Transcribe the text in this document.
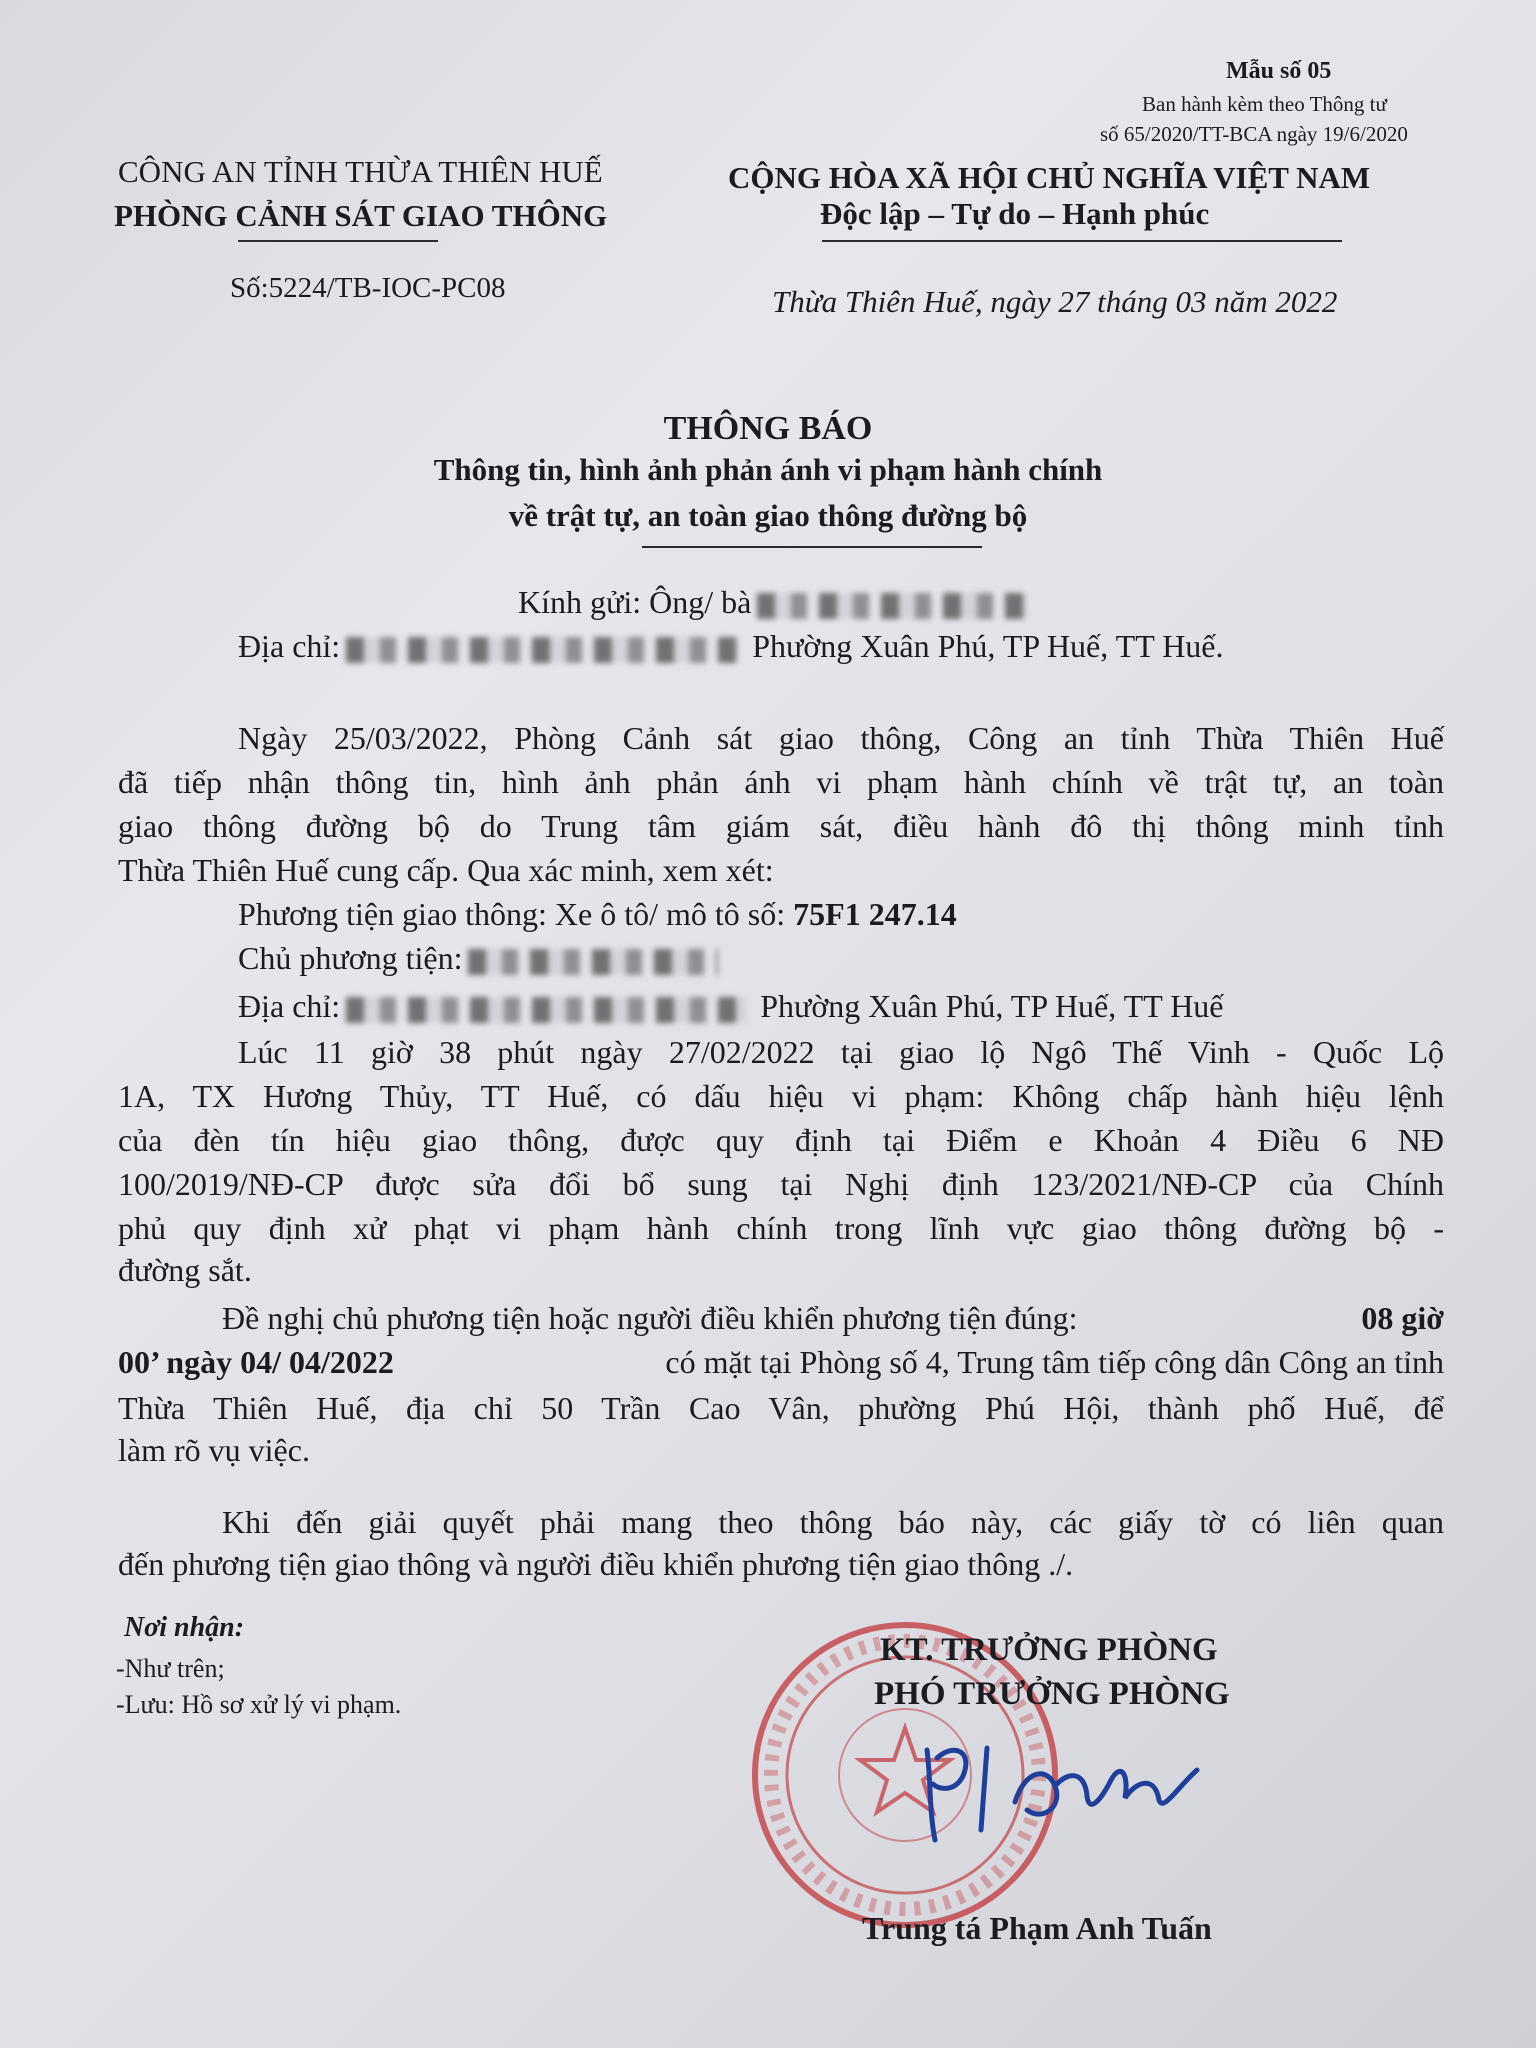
Mẫu số 05
Ban hành kèm theo Thông tư
số 65/2020/TT-BCA ngày 19/6/2020
CÔNG AN TỈNH THỪA THIÊN HUẾ
PHÒNG CẢNH SÁT GIAO THÔNG
CỘNG HÒA XÃ HỘI CHỦ NGHĨA VIỆT NAM
Độc lập – Tự do – Hạnh phúc
Số:5224/TB-IOC-PC08	Thừa Thiên Huế, ngày 27 tháng 03 năm 2022
THÔNG BÁO
Thông tin, hình ảnh phản ánh vi phạm hành chính
về trật tự, an toàn giao thông đường bộ
Kính gửi: Ông/ bà
Địa chỉ:	Phường Xuân Phú, TP Huế, TT Huế.
Ngày 25/03/2022, Phòng Cảnh sát giao thông, Công an tỉnh Thừa Thiên Huế
đã tiếp nhận thông tin, hình ảnh phản ánh vi phạm hành chính về trật tự, an toàn
giao thông đường bộ do Trung tâm giám sát, điều hành đô thị thông minh tỉnh
Thừa Thiên Huế cung cấp. Qua xác minh, xem xét:
Phương tiện giao thông: Xe ô tô/ mô tô số: 75F1 247.14
Chủ phương tiện:
Địa chỉ:	Phường Xuân Phú, TP Huế, TT Huế
Lúc 11 giờ 38 phút ngày 27/02/2022 tại giao lộ Ngô Thế Vinh - Quốc Lộ
1A, TX Hương Thủy, TT Huế, có dấu hiệu vi phạm: Không chấp hành hiệu lệnh
của đèn tín hiệu giao thông, được quy định tại Điểm e Khoản 4 Điều 6 NĐ
100/2019/NĐ-CP được sửa đổi bổ sung tại Nghị định 123/2021/NĐ-CP của Chính
phủ quy định xử phạt vi phạm hành chính trong lĩnh vực giao thông đường bộ -
đường sắt.
Đề nghị chủ phương tiện hoặc người điều khiển phương tiện đúng:	08 giờ
00’ ngày 04/ 04/2022	có mặt tại Phòng số 4, Trung tâm tiếp công dân Công an tỉnh
Thừa Thiên Huế, địa chỉ 50 Trần Cao Vân, phường Phú Hội, thành phố Huế, để
làm rõ vụ việc.
Khi đến giải quyết phải mang theo thông báo này, các giấy tờ có liên quan
đến phương tiện giao thông và người điều khiển phương tiện giao thông ./.
Nơi nhận:
-Như trên;
-Lưu: Hồ sơ xử lý vi phạm.
KT. TRƯỞNG PHÒNG
PHÓ TRƯỞNG PHÒNG
Trung tá Phạm Anh Tuấn
